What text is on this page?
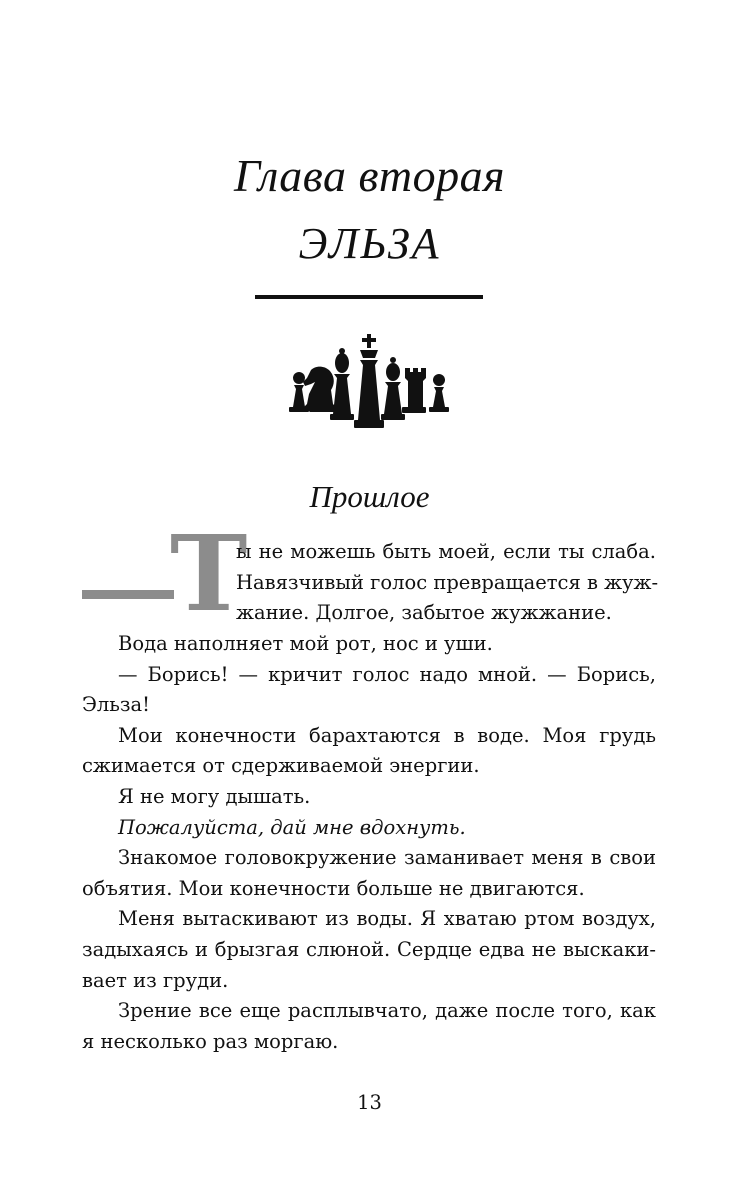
Глава вторая
ЭЛЬЗА
Прошлое
Т
ы не можешь быть моей, если ты слаба.
Навязчивый голос превращается в жуж-
жание. Долгое, забытое жужжание.
Вода наполняет мой рот, нос и уши.
— Борись! — кричит голос надо мной. — Борись,
Эльза!
Мои конечности барахтаются в воде. Моя грудь
сжимается от сдерживаемой энергии.
Я не могу дышать.
Пожалуйста, дай мне вдохнуть.
Знакомое головокружение заманивает меня в свои
объятия. Мои конечности больше не двигаются.
Меня вытаскивают из воды. Я хватаю ртом воздух,
задыхаясь и брызгая слюной. Сердце едва не выскаки-
вает из груди.
Зрение все еще расплывчато, даже после того, как
я несколько раз моргаю.
13
